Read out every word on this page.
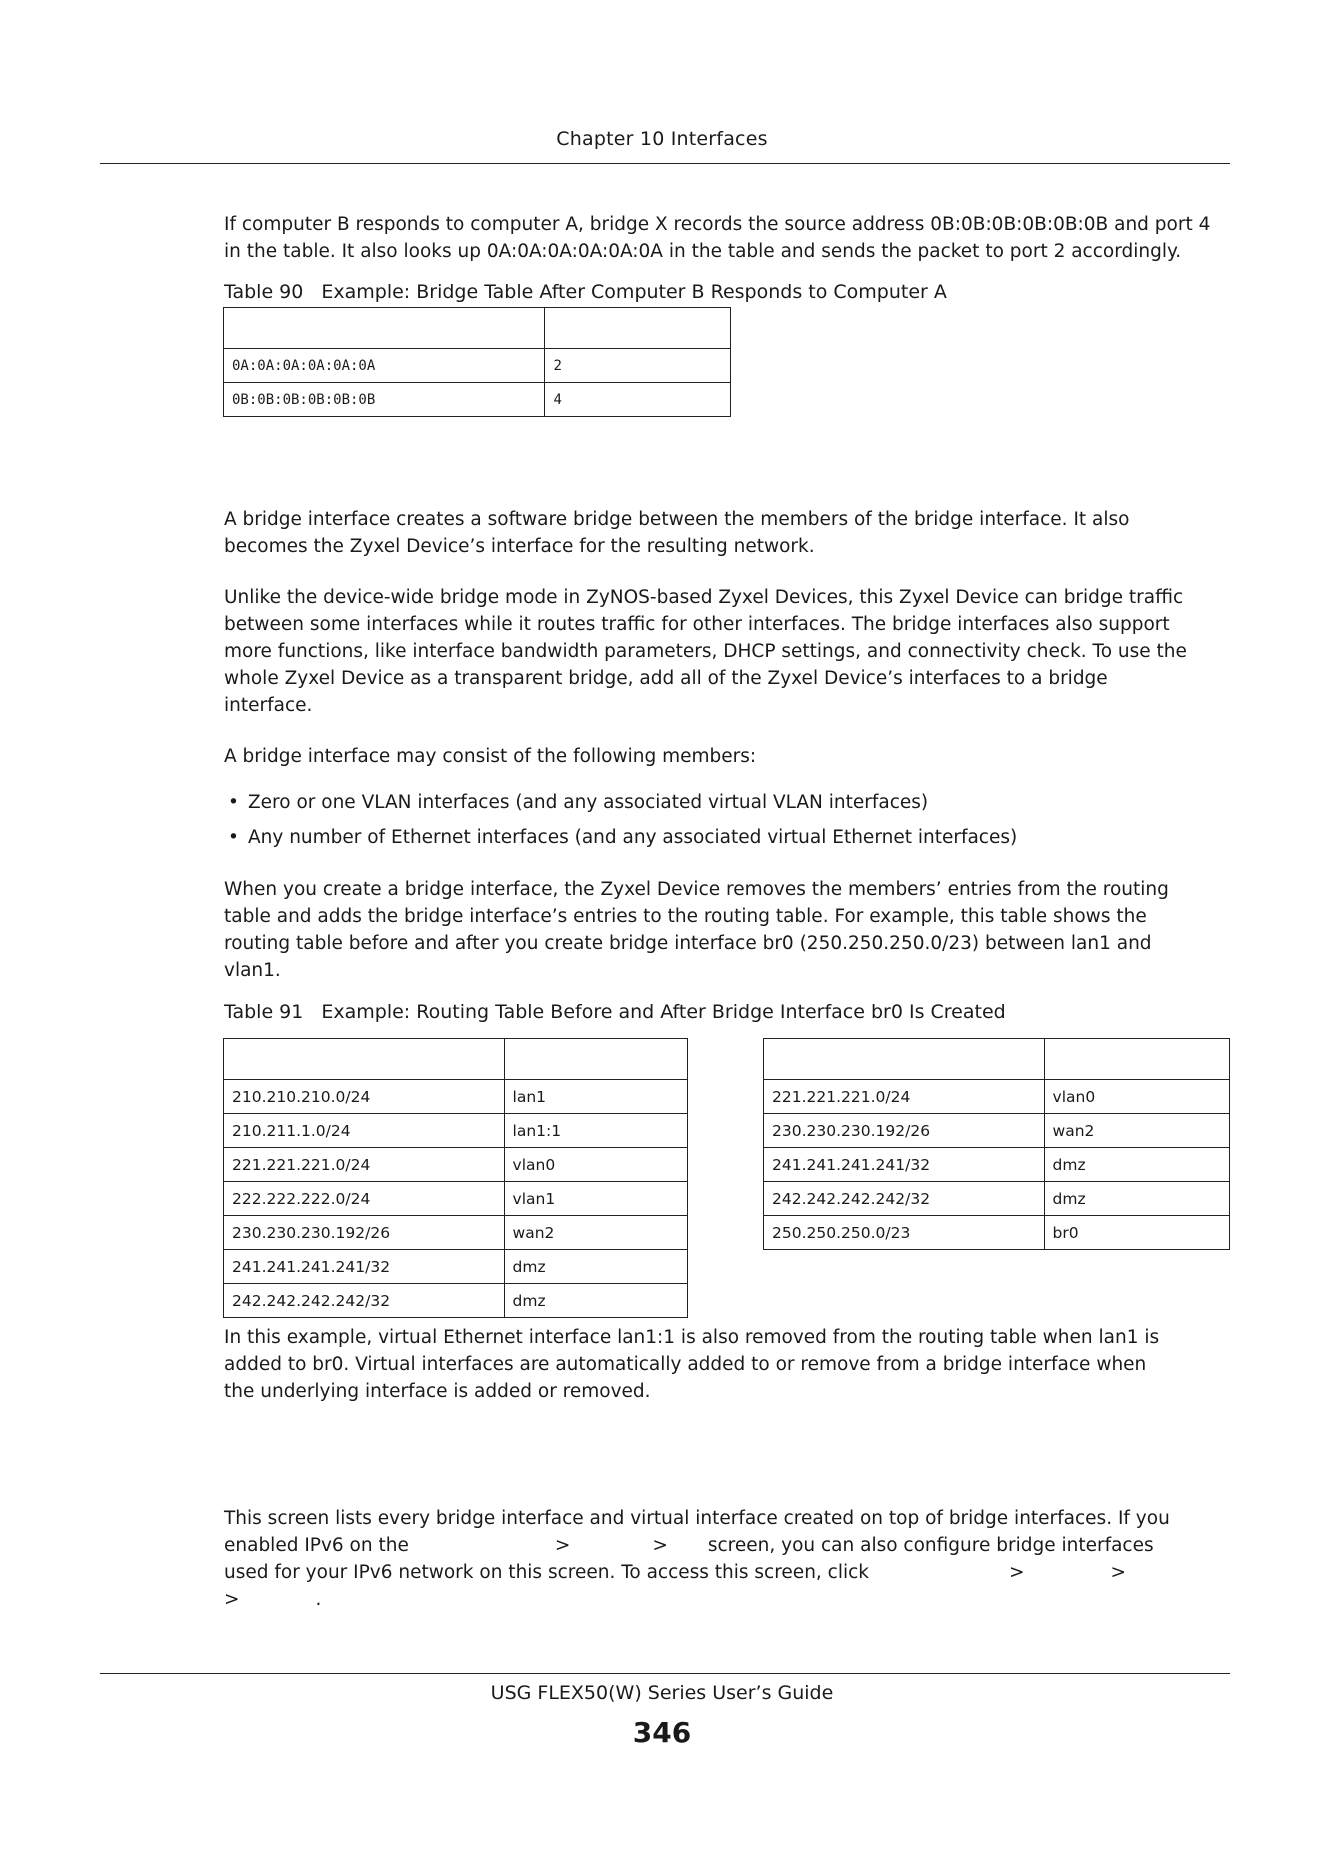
Chapter 10 Interfaces
If computer B responds to computer A, bridge X records the source address 0B:0B:0B:0B:0B:0B and port 4
in the table. It also looks up 0A:0A:0A:0A:0A:0A in the table and sends the packet to port 2 accordingly.
Table 90 Example: Bridge Table After Computer B Responds to Computer A

0A:0A:0A:0A:0A:0A	2
0B:0B:0B:0B:0B:0B	4
A bridge interface creates a software bridge between the members of the bridge interface. It also
becomes the Zyxel Device’s interface for the resulting network.
Unlike the device-wide bridge mode in ZyNOS-based Zyxel Devices, this Zyxel Device can bridge traffic
between some interfaces while it routes traffic for other interfaces. The bridge interfaces also support
more functions, like interface bandwidth parameters, DHCP settings, and connectivity check. To use the
whole Zyxel Device as a transparent bridge, add all of the Zyxel Device’s interfaces to a bridge
interface.
A bridge interface may consist of the following members:
• Zero or one VLAN interfaces (and any associated virtual VLAN interfaces)
• Any number of Ethernet interfaces (and any associated virtual Ethernet interfaces)
When you create a bridge interface, the Zyxel Device removes the members’ entries from the routing
table and adds the bridge interface’s entries to the routing table. For example, this table shows the
routing table before and after you create bridge interface br0 (250.250.250.0/23) between lan1 and
vlan1.
Table 91 Example: Routing Table Before and After Bridge Interface br0 Is Created

210.210.210.0/24	lan1
210.211.1.0/24	lan1:1
221.221.221.0/24	vlan0
222.222.222.0/24	vlan1
230.230.230.192/26	wan2
241.241.241.241/32	dmz
242.242.242.242/32	dmz

221.221.221.0/24	vlan0
230.230.230.192/26	wan2
241.241.241.241/32	dmz
242.242.242.242/32	dmz
250.250.250.0/23	br0
In this example, virtual Ethernet interface lan1:1 is also removed from the routing table when lan1 is
added to br0. Virtual interfaces are automatically added to or remove from a bridge interface when
the underlying interface is added or removed.
This screen lists every bridge interface and virtual interface created on top of bridge interfaces. If you
enabled IPv6 on the	>	> screen, you can also configure bridge interfaces
used for your IPv6 network on this screen. To access this screen, click	>	>
>	.
USG FLEX50(W) Series User’s Guide
346
